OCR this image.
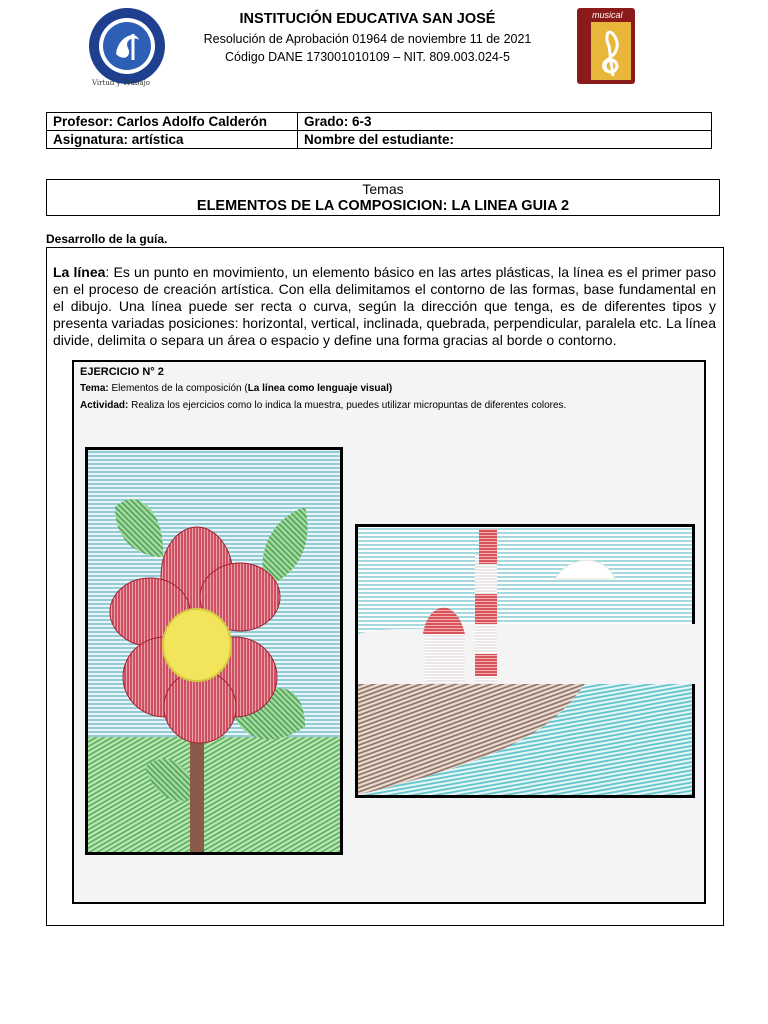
Virtud y Trabajo
musical
INSTITUCIÓN EDUCATIVA SAN JOSÉ
Resolución de Aprobación 01964 de noviembre 11 de 2021
Código DANE 173001010109 – NIT. 809.003.024-5
Profesor: Carlos Adolfo Calderón	Grado: 6-3
Asignatura: artística	Nombre del estudiante:
Temas
ELEMENTOS DE LA COMPOSICION: LA LINEA GUIA 2
Desarrollo de la guía.
La línea: Es un punto en movimiento, un elemento básico en las artes plásticas, la línea es el primer paso en el proceso de creación artística. Con ella delimitamos el contorno de las formas, base fundamental en el dibujo. Una línea puede ser recta o curva, según la dirección que tenga, es de diferentes tipos y presenta variadas posiciones: horizontal, vertical, inclinada, quebrada, perpendicular, paralela etc. La línea divide, delimita o separa un área o espacio y define una forma gracias al borde o contorno.
EJERCICIO N° 2
Tema: Elementos de la composición (La línea como lenguaje visual)
Actividad: Realiza los ejercicios como lo indica la muestra, puedes utilizar micropuntas de diferentes colores.
